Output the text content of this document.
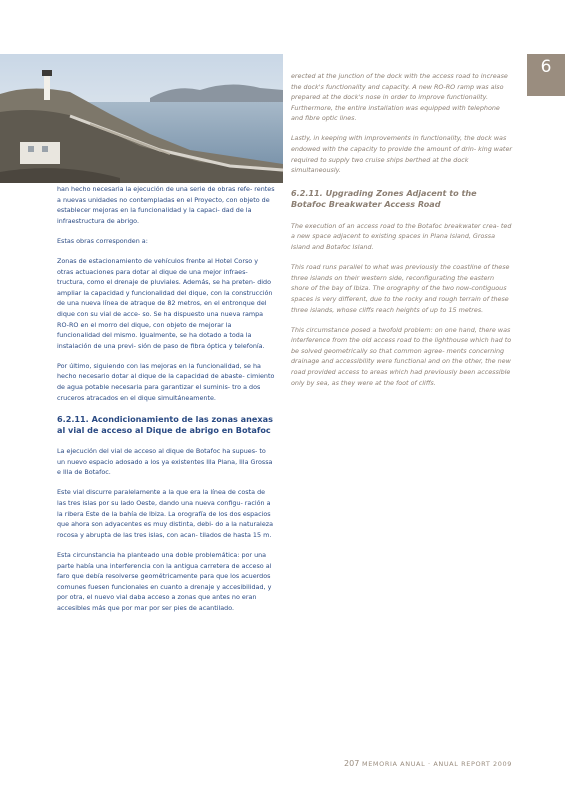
6

han hecho necesaria la ejecución de una serie de obras refe- rentes a nuevas unidades no contempladas en el Proyecto, con objeto de establecer mejoras en la funcionalidad y la capaci- dad de la infraestructura de abrigo.

Estas obras corresponden a:

Zonas de estacionamiento de vehículos frente al Hotel Corso y otras actuaciones para dotar al dique de una mejor infraes- tructura, como el drenaje de pluviales. Además, se ha preten- dido ampliar la capacidad y funcionalidad del dique, con la construcción de una nueva línea de atraque de 82 metros, en el entronque del dique con su vial de acce- so. Se ha dispuesto una nueva rampa RO-RO en el morro del dique, con objeto de mejorar la funcionalidad del mismo. Igualmente, se ha dotado a toda la instalación de una previ- sión de paso de fibra óptica y telefonía.

Por último, siguiendo con las mejoras en la funcionalidad, se ha hecho necesario dotar al dique de la capacidad de abaste- cimiento de agua potable necesaria para garantizar el suminis- tro a dos cruceros atracados en el dique simultáneamente.

6.2.11. Acondicionamiento de las zonas anexas al vial de acceso al Dique de abrigo en Botafoc

La ejecución del vial de acceso al dique de Botafoc ha supues- to un nuevo espacio adosado a los ya existentes Illa Plana, Illa Grossa e Illa de Botafoc.

Este vial discurre paralelamente a la que era la línea de costa de las tres islas por su lado Oeste, dando una nueva configu- ración a la ribera Este de la bahía de Ibiza. La orografía de los dos espacios que ahora son adyacentes es muy distinta, debi- do a la naturaleza rocosa y abrupta de las tres islas, con acan- tilados de hasta 15 m.

Esta circunstancia ha planteado una doble problemática: por una parte había una interferencia con la antigua carretera de acceso al faro que debía resolverse geométricamente para que los acuerdos comunes fuesen funcionales en cuanto a drenaje y accesibilidad, y por otra, el nuevo vial daba acceso a zonas que antes no eran accesibles más que por mar por ser pies de acantilado.

erected at the junction of the dock with the access road to increase the dock's functionality and capacity. A new RO-RO ramp was also prepared at the dock's nose in order to improve functionality. Furthermore, the entire installation was equipped with telephone and fibre optic lines.

Lastly, in keeping with improvements in functionality, the dock was endowed with the capacity to provide the amount of drin- king water required to supply two cruise ships berthed at the dock simultaneously.

6.2.11. Upgrading Zones Adjacent to the Botafoc Breakwater Access Road

The execution of an access road to the Botafoc breakwater crea- ted a new space adjacent to existing spaces in Plana Island, Grossa Island and Botafoc Island.

This road runs parallel to what was previously the coastline of these three islands on their western side, reconfigurating the eastern shore of the bay of Ibiza. The orography of the two now-contiguous spaces is very different, due to the rocky and rough terrain of these three islands, whose cliffs reach heights of up to 15 metres.

This circumstance posed a twofold problem: on one hand, there was interference from the old access road to the lighthouse which had to be solved geometrically so that common agree- ments concerning drainage and accessibility were functional and on the other, the new road provided access to areas which had previously been accessible only by sea, as they were at the foot of cliffs.

207 MEMORIA ANUAL · ANUAL REPORT 2009
